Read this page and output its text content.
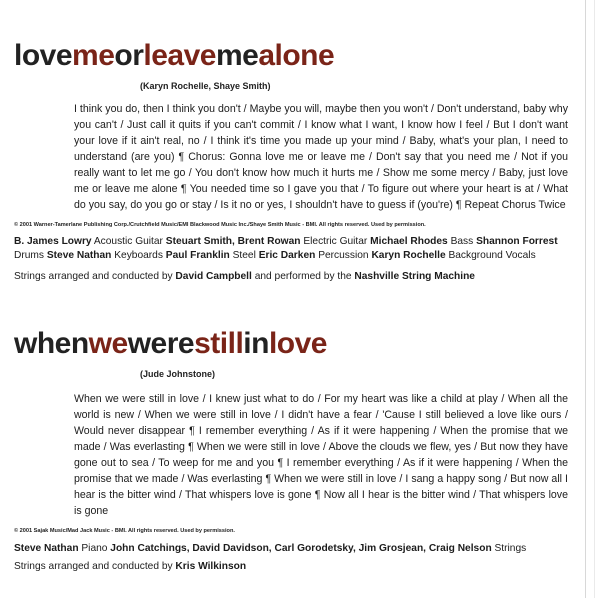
lovemeorleavemealone
(Karyn Rochelle, Shaye Smith)

I think you do, then I think you don't / Maybe you will, maybe then you won't / Don't understand, baby why you can't / Just call it quits if you can't commit / I know what I want, I know how I feel / But I don't want your love if it ain't real, no / I think it's time you made up your mind / Baby, what's your plan, I need to understand (are you) ¶ Chorus: Gonna love me or leave me / Don't say that you need me / Not if you really want to let me go / You don't know how much it hurts me / Show me some mercy / Baby, just love me or leave me alone ¶ You needed time so I gave you that / To figure out where your heart is at / What do you say, do you go or stay / Is it no or yes, I shouldn't have to guess if (you're) ¶ Repeat Chorus Twice

© 2001 Warner-Tamerlane Publishing Corp./Crutchfield Music/EMI Blackwood Music Inc./Shaye Smith Music - BMI. All rights reserved. Used by permission.
B. James Lowry Acoustic Guitar Steuart Smith, Brent Rowan Electric Guitar Michael Rhodes Bass Shannon Forrest Drums Steve Nathan Keyboards Paul Franklin Steel Eric Darken Percussion Karyn Rochelle Background Vocals
Strings arranged and conducted by David Campbell and performed by the Nashville String Machine
whenwewerestillinlove
(Jude Johnstone)

When we were still in love / I knew just what to do / For my heart was like a child at play / When all the world is new / When we were still in love / I didn't have a fear / 'Cause I still believed a love like ours / Would never disappear ¶ I remember everything / As if it were happening / When the promise that we made / Was everlasting ¶ When we were still in love / Above the clouds we flew, yes / But now they have gone out to sea / To weep for me and you ¶ I remember everything / As if it were happening / When the promise that we made / Was everlasting ¶ When we were still in love / I sang a happy song / But now all I hear is the bitter wind / That whispers love is gone ¶ Now all I hear is the bitter wind / That whispers love is gone

© 2001 Sajak Music/Mad Jack Music - BMI. All rights reserved. Used by permission.
Steve Nathan Piano John Catchings, David Davidson, Carl Gorodetsky, Jim Grosjean, Craig Nelson Strings
Strings arranged and conducted by Kris Wilkinson
